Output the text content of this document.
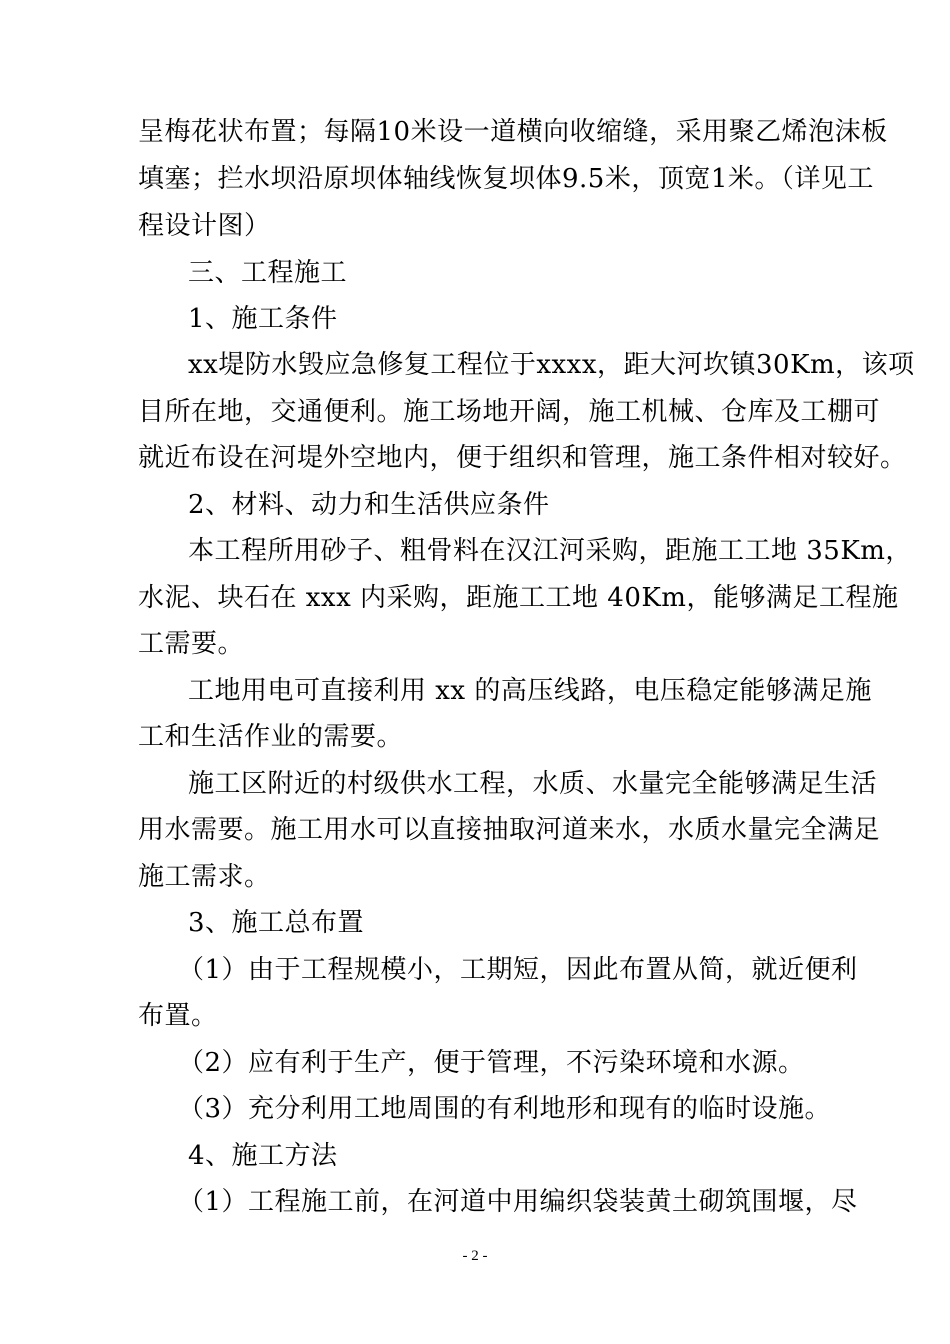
呈梅花状布置；每隔10米设一道横向收缩缝，采用聚乙烯泡沫板
填塞；拦水坝沿原坝体轴线恢复坝体9.5米，顶宽1米。（详见工
程设计图）
三、工程施工
1、施工条件
xx堤防水毁应急修复工程位于xxxx，距大河坎镇30Km，该项
目所在地，交通便利。施工场地开阔，施工机械、仓库及工棚可
就近布设在河堤外空地内，便于组织和管理，施工条件相对较好。
2、材料、动力和生活供应条件
本工程所用砂子、粗骨料在汉江河采购，距施工工地 35Km，
水泥、块石在 xxx 内采购，距施工工地 40Km，能够满足工程施
工需要。
工地用电可直接利用 xx 的高压线路，电压稳定能够满足施
工和生活作业的需要。
施工区附近的村级供水工程，水质、水量完全能够满足生活
用水需要。施工用水可以直接抽取河道来水，水质水量完全满足
施工需求。
3、施工总布置
（1）由于工程规模小，工期短，因此布置从简，就近便利
布置。
（2）应有利于生产，便于管理，不污染环境和水源。
（3）充分利用工地周围的有利地形和现有的临时设施。
4、施工方法
（1）工程施工前，在河道中用编织袋装黄土砌筑围堰，尽
- 2 -
